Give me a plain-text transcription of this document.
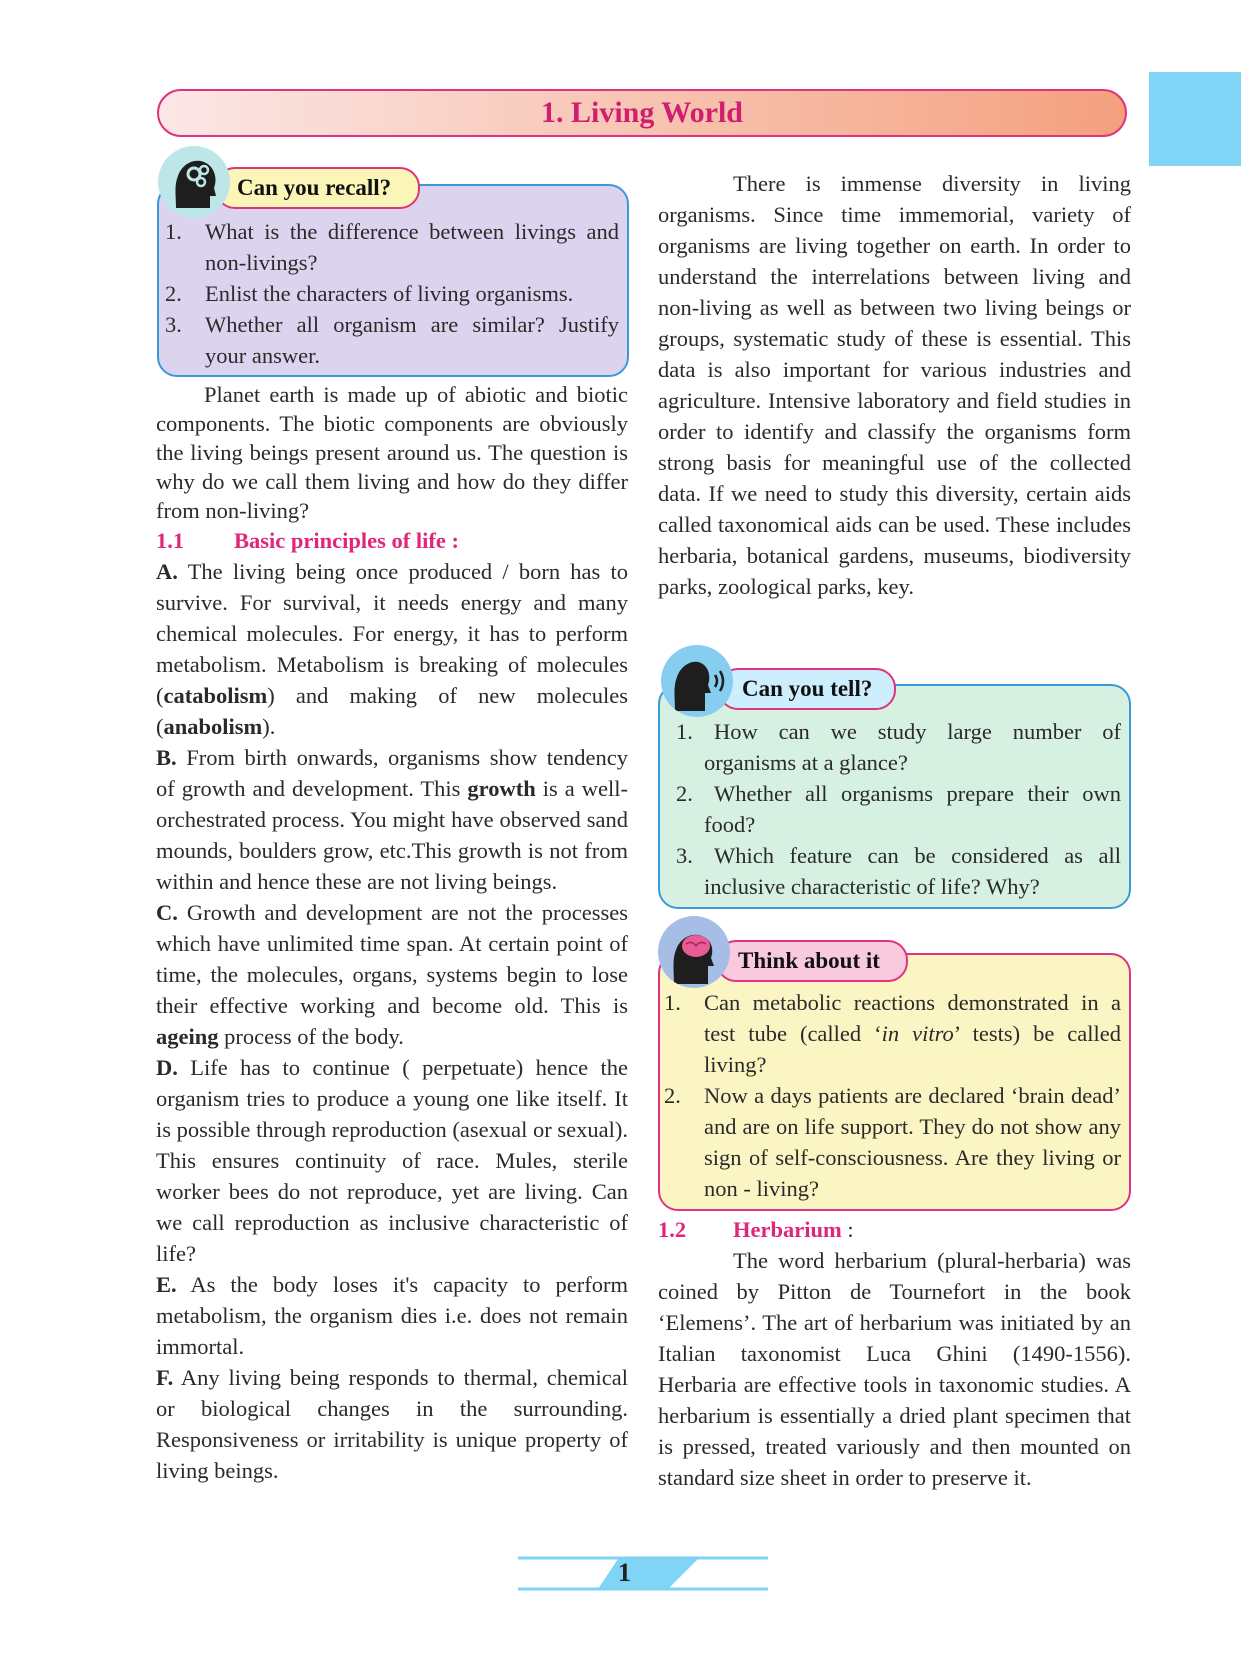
1. Living World
1. What is the difference between livings and non-livings?
2. Enlist the characters of living organisms.
3. Whether all organism are similar? Justify your answer.
Can you recall?

Planet earth is made up of abiotic and biotic components. The biotic components are obviously the living beings present around us. The question is why do we call them living and how do they differ from non-living?

1.1 Basic principles of life :

A. The living being once produced / born has to survive. For survival, it needs energy and many chemical molecules. For energy, it has to perform metabolism. Metabolism is breaking of molecules (catabolism) and making of new molecules (anabolism).

B. From birth onwards, organisms show tendency of growth and development. This growth is a well-orchestrated process. You might have observed sand mounds, boulders grow, etc.This growth is not from within and hence these are not living beings.

C. Growth and development are not the processes which have unlimited time span. At certain point of time, the molecules, organs, systems begin to lose their effective working and become old. This is ageing process of the body.

D. Life has to continue ( perpetuate) hence the organism tries to produce a young one like itself. It is possible through reproduction (asexual or sexual). This ensures continuity of race. Mules, sterile worker bees do not reproduce, yet are living. Can we call reproduction as inclusive characteristic of life?

E. As the body loses it's capacity to perform metabolism, the organism dies i.e. does not remain immortal.

F. Any living being responds to thermal, chemical or biological changes in the surrounding. Responsiveness or irritability is unique property of living beings.

There is immense diversity in living organisms. Since time immemorial, variety of organisms are living together on earth. In order to understand the interrelations between living and non-living as well as between two living beings or groups, systematic study of these is essential. This data is also important for various industries and agriculture. Intensive laboratory and field studies in order to identify and classify the organisms form strong basis for meaningful use of the collected data. If we need to study this diversity, certain aids called taxonomical aids can be used. These includes herbaria, botanical gardens, museums, biodiversity parks, zoological parks, key.

1. How can we study large number of organisms at a glance?
2. Whether all organisms prepare their own food?
3. Which feature can be considered as all inclusive characteristic of life? Why?
Can you tell?
1. Can metabolic reactions demonstrated in a test tube (called ‘in vitro’ tests) be called living?
2. Now a days patients are declared ‘brain dead’ and are on life support. They do not show any sign of self-consciousness. Are they living or non - living?
Think about it

1.2 Herbarium :

The word herbarium (plural-herbaria) was coined by Pitton de Tournefort in the book ‘Elemens’. The art of herbarium was initiated by an Italian taxonomist Luca Ghini (1490-1556). Herbaria are effective tools in taxonomic studies. A herbarium is essentially a dried plant specimen that is pressed, treated variously and then mounted on standard size sheet in order to preserve it.

1
